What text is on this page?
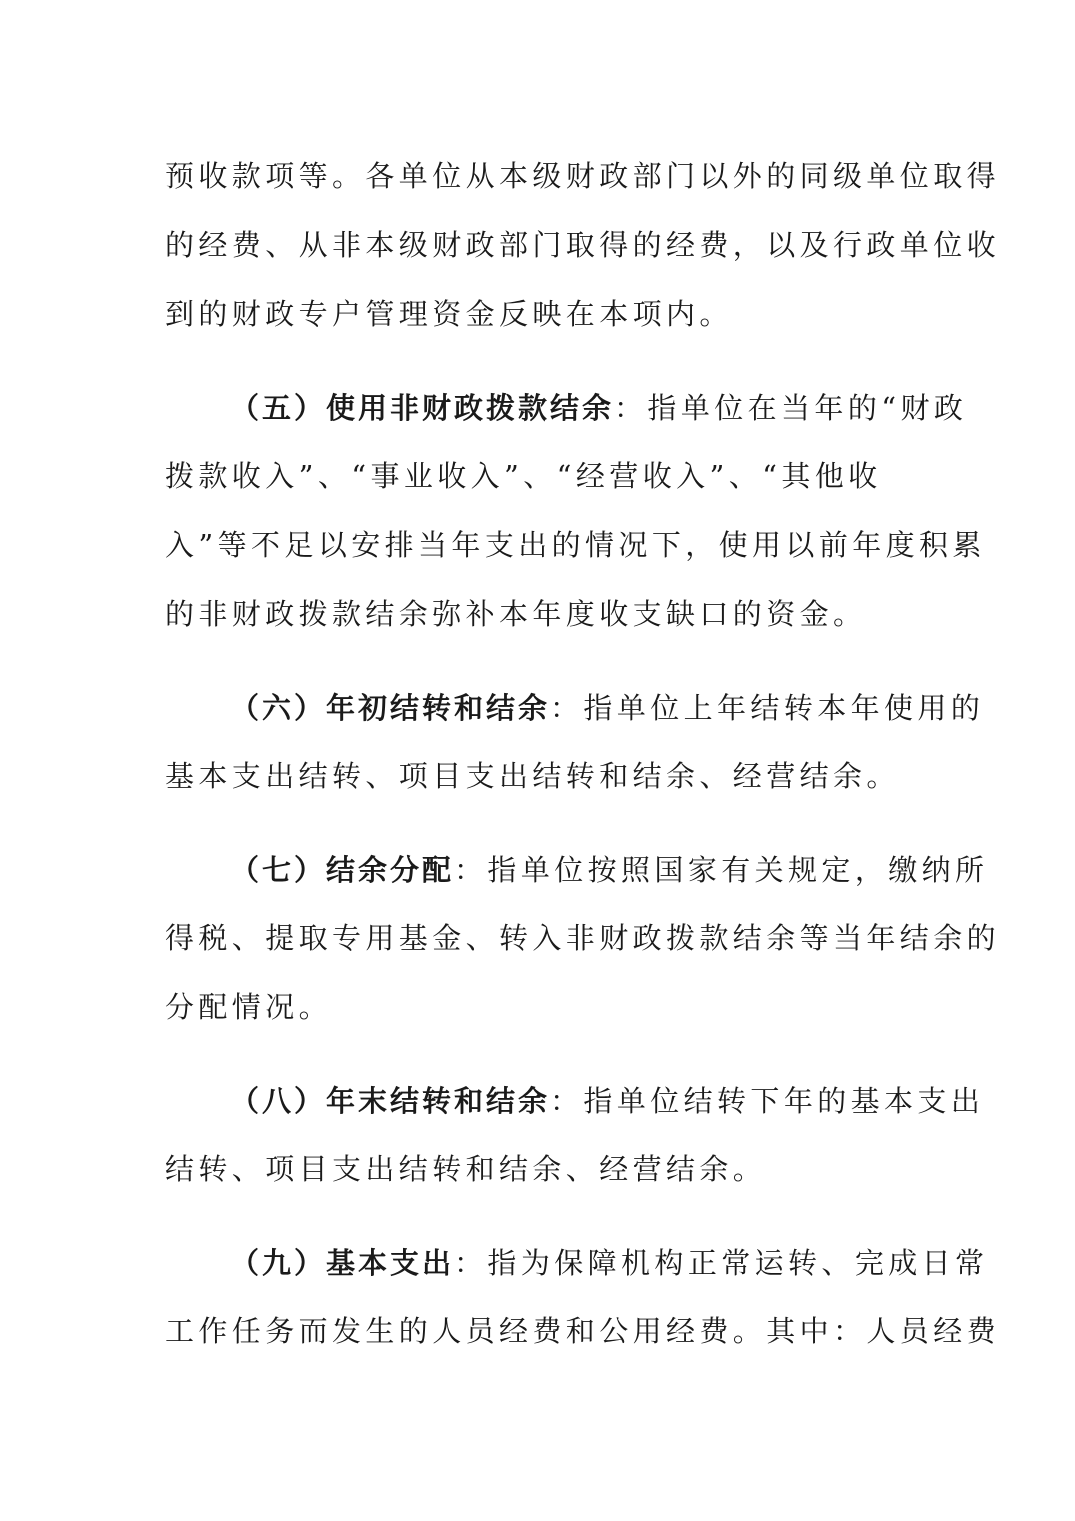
预收款项等。各单位从本级财政部门以外的同级单位取得
的经费、从非本级财政部门取得的经费，以及行政单位收
到的财政专户管理资金反映在本项内。
（五）使用非财政拨款结余：指单位在当年的“财政
拨款收入”、“事业收入”、“经营收入”、“其他收
入”等不足以安排当年支出的情况下，使用以前年度积累
的非财政拨款结余弥补本年度收支缺口的资金。
（六）年初结转和结余：指单位上年结转本年使用的
基本支出结转、项目支出结转和结余、经营结余。
（七）结余分配：指单位按照国家有关规定，缴纳所
得税、提取专用基金、转入非财政拨款结余等当年结余的
分配情况。
（八）年末结转和结余：指单位结转下年的基本支出
结转、项目支出结转和结余、经营结余。
（九）基本支出：指为保障机构正常运转、完成日常
工作任务而发生的人员经费和公用经费。其中：人员经费
